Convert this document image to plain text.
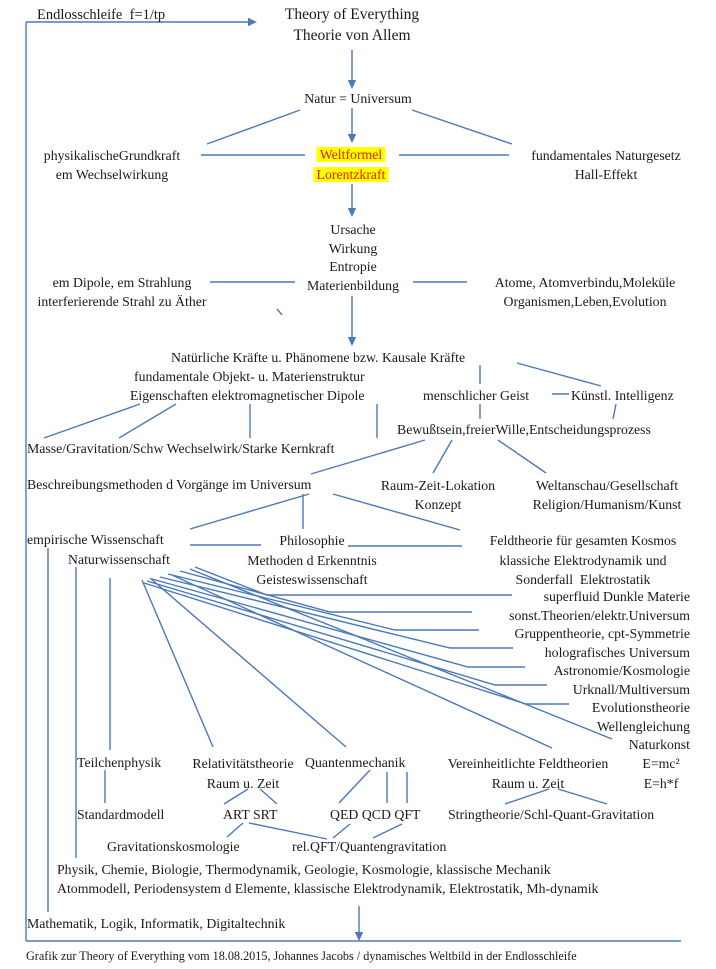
Endlosschleife  f=1/tp	Theory of Everything
Theorie von Allem
Natur = Universum
physikalischeGrundkraft
em Wechselwirkung
Weltformel
Lorentzkraft
fundamentales Naturgesetz
Hall-Effekt
Ursache
Wirkung
Entropie
Materienbildung
em Dipole, em Strahlung
interferierende Strahl zu Äther
Atome, Atomverbindu,Moleküle
Organismen,Leben,Evolution
Natürliche Kräfte u. Phänomene bzw. Kausale Kräfte
fundamentale Objekt- u. Materienstruktur
Eigenschaften elektromagnetischer Dipole	menschlicher Geist	Künstl. Intelligenz
Bewußtsein,freierWille,Entscheidungsprozess
Masse/Gravitation/Schw Wechselwirk/Starke Kernkraft
Beschreibungsmethoden d Vorgänge im Universum	Raum-Zeit-Lokation
Konzept
Weltanschau/Gesellschaft
Religion/Humanism/Kunst
empirische Wissenschaft
Naturwissenschaft
Philosophie
Methoden d Erkenntnis
Geisteswissenschaft
Feldtheorie für gesamten Kosmos
klassiche Elektrodynamik und
Sonderfall  Elektrostatik
superfluid Dunkle Materie
sonst.Theorien/elektr.Universum
Gruppentheorie, cpt-Symmetrie
holografisches Universum
Astronomie/Kosmologie
Urknall/Multiversum
Evolutionstheorie
Wellengleichung
Naturkonst
Teilchenphysik Relativitätstheorie
Raum u. Zeit
Quantenmechanik	Vereinheitlichte Feldtheorien
Raum u. Zeit
E=mc²
E=h*f
Standardmodell	ART SRT	QED QCD QFT Stringtheorie/Schl-Quant-Gravitation
Gravitationskosmologie	rel.QFT/Quantengravitation
Physik, Chemie, Biologie, Thermodynamik, Geologie, Kosmologie, klassische Mechanik
Atommodell, Periodensystem d Elemente, klassische Elektrodynamik, Elektrostatik, Mh-dynamik
Mathematik, Logik, Informatik, Digitaltechnik
Grafik zur Theory of Everything vom 18.08.2015, Johannes Jacobs / dynamisches Weltbild in der Endlosschleife
